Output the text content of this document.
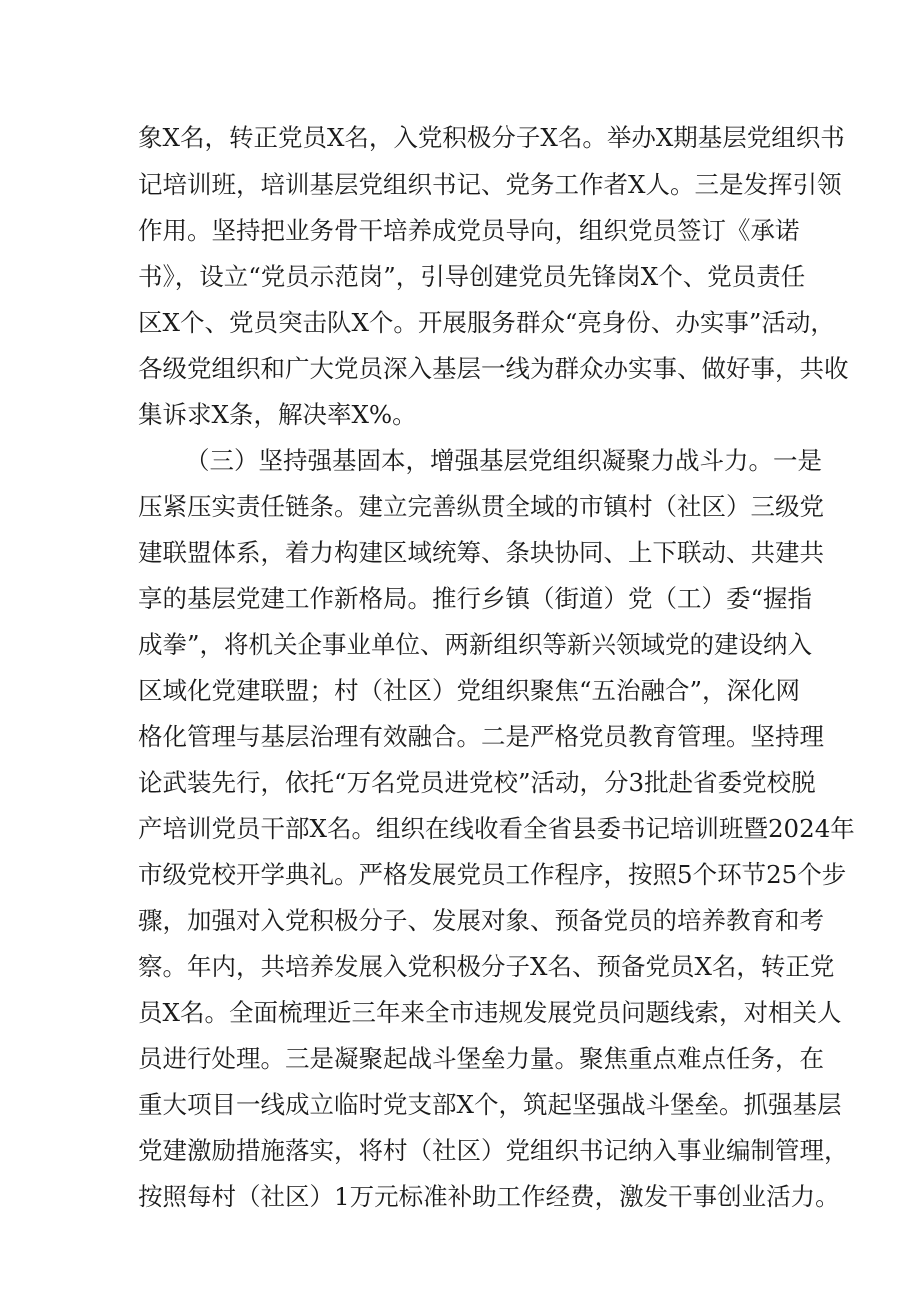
象X名，转正党员X名，入党积极分子X名。举办X期基层党组织书
记培训班，培训基层党组织书记、党务工作者X人。三是发挥引领
作用。坚持把业务骨干培养成党员导向，组织党员签订《承诺
书》，设立“党员示范岗”，引导创建党员先锋岗X个、党员责任
区X个、党员突击队X个。开展服务群众“亮身份、办实事”活动，
各级党组织和广大党员深入基层一线为群众办实事、做好事，共收
集诉求X条，解决率X%。
（三）坚持强基固本，增强基层党组织凝聚力战斗力。一是
压紧压实责任链条。建立完善纵贯全域的市镇村（社区）三级党
建联盟体系，着力构建区域统筹、条块协同、上下联动、共建共
享的基层党建工作新格局。推行乡镇（街道）党（工）委“握指
成拳”，将机关企事业单位、两新组织等新兴领域党的建设纳入
区域化党建联盟；村（社区）党组织聚焦“五治融合”，深化网
格化管理与基层治理有效融合。二是严格党员教育管理。坚持理
论武装先行，依托“万名党员进党校”活动，分3批赴省委党校脱
产培训党员干部X名。组织在线收看全省县委书记培训班暨2024年
市级党校开学典礼。严格发展党员工作程序，按照5个环节25个步
骤，加强对入党积极分子、发展对象、预备党员的培养教育和考
察。年内，共培养发展入党积极分子X名、预备党员X名，转正党
员X名。全面梳理近三年来全市违规发展党员问题线索，对相关人
员进行处理。三是凝聚起战斗堡垒力量。聚焦重点难点任务，在
重大项目一线成立临时党支部X个，筑起坚强战斗堡垒。抓强基层
党建激励措施落实，将村（社区）党组织书记纳入事业编制管理，
按照每村（社区）1万元标准补助工作经费，激发干事创业活力。
